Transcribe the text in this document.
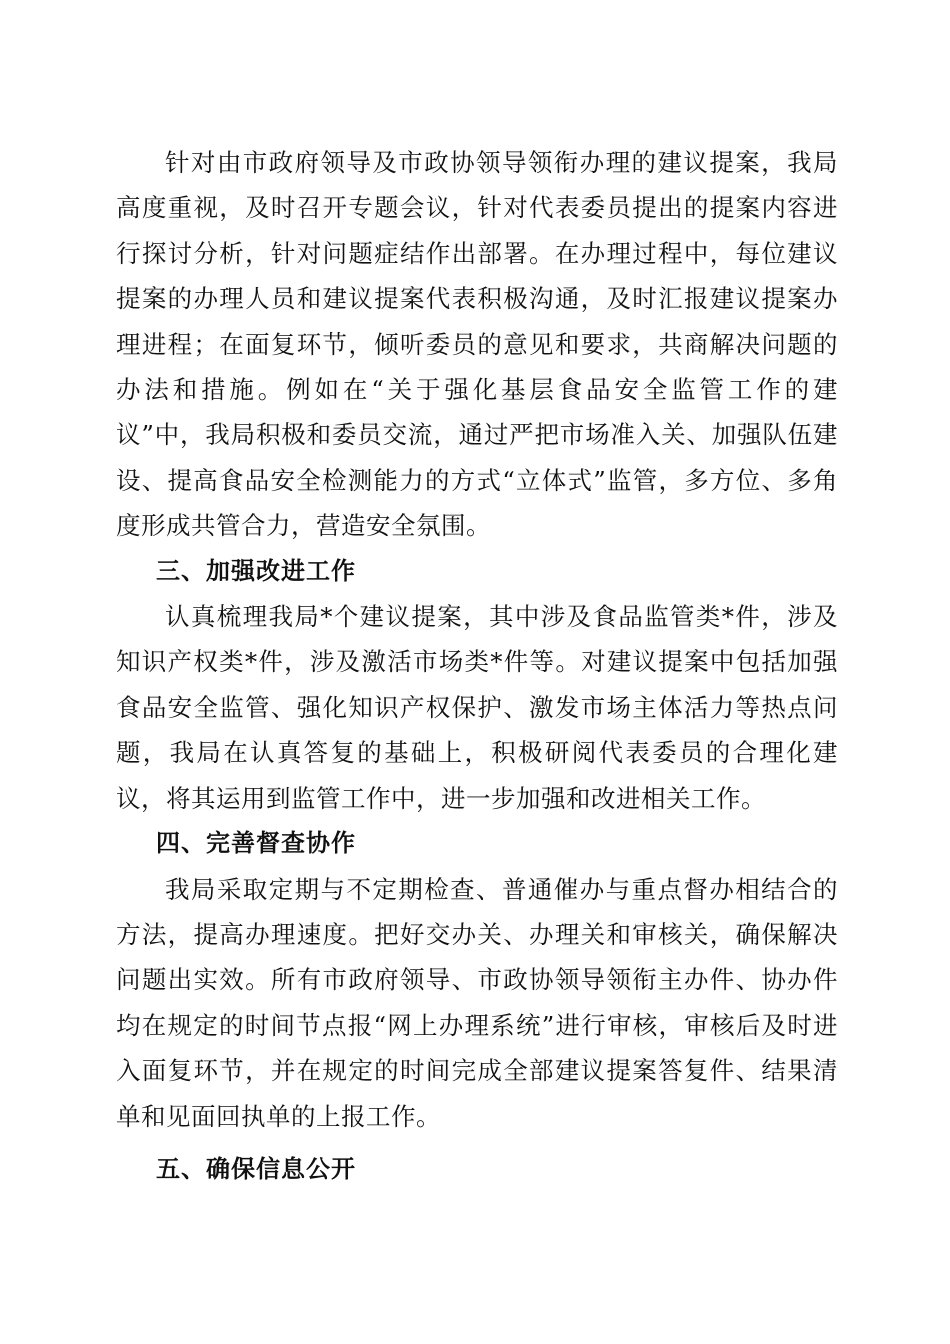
针对由市政府领导及市政协领导领衔办理的建议提案，我局高度重视，及时召开专题会议，针对代表委员提出的提案内容进行探讨分析，针对问题症结作出部署。在办理过程中，每位建议提案的办理人员和建议提案代表积极沟通，及时汇报建议提案办理进程；在面复环节，倾听委员的意见和要求，共商解决问题的办法和措施。例如在“关于强化基层食品安全监管工作的建议”中，我局积极和委员交流，通过严把市场准入关、加强队伍建设、提高食品安全检测能力的方式“立体式”监管，多方位、多角度形成共管合力，营造安全氛围。

三、加强改进工作

认真梳理我局*个建议提案，其中涉及食品监管类*件，涉及知识产权类*件，涉及激活市场类*件等。对建议提案中包括加强食品安全监管、强化知识产权保护、激发市场主体活力等热点问题，我局在认真答复的基础上，积极研阅代表委员的合理化建议，将其运用到监管工作中，进一步加强和改进相关工作。

四、完善督查协作

我局采取定期与不定期检查、普通催办与重点督办相结合的方法，提高办理速度。把好交办关、办理关和审核关，确保解决问题出实效。所有市政府领导、市政协领导领衔主办件、协办件均在规定的时间节点报“网上办理系统”进行审核，审核后及时进入面复环节，并在规定的时间完成全部建议提案答复件、结果清单和见面回执单的上报工作。

五、确保信息公开
